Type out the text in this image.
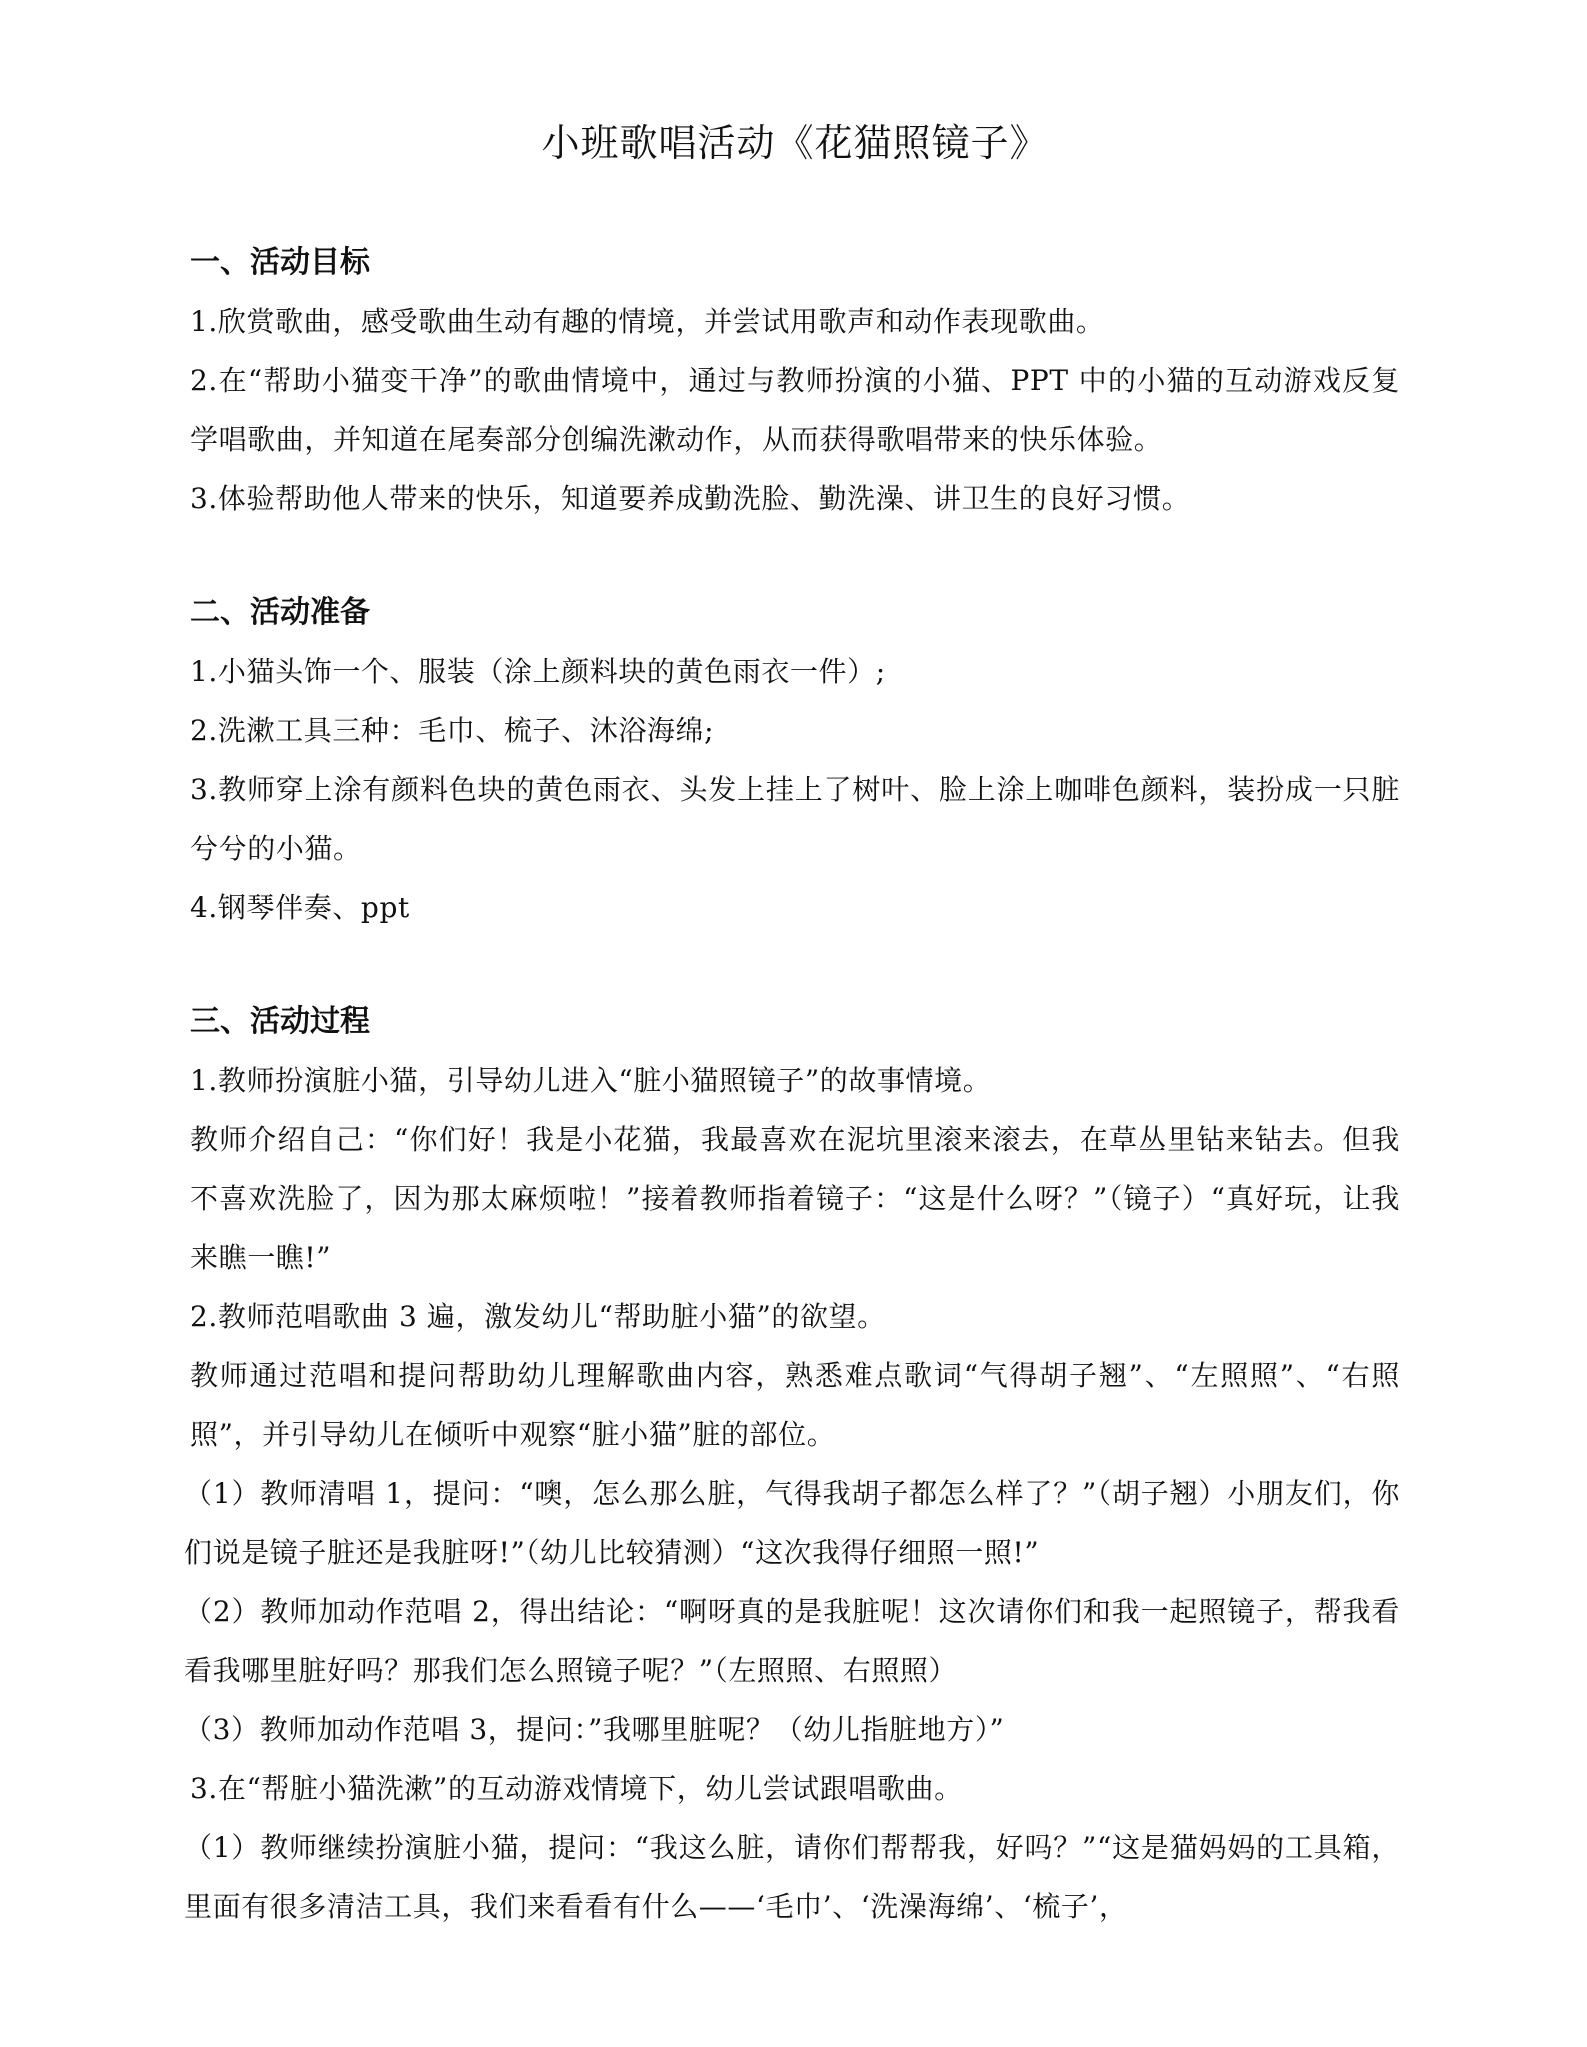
小班歌唱活动《花猫照镜子》
一、活动目标

1.欣赏歌曲，感受歌曲生动有趣的情境，并尝试用歌声和动作表现歌曲。

2.在“帮助小猫变干净”的歌曲情境中，通过与教师扮演的小猫、PPT 中的小猫的互动游戏反复学唱歌曲，并知道在尾奏部分创编洗漱动作，从而获得歌唱带来的快乐体验。

3.体验帮助他人带来的快乐，知道要养成勤洗脸、勤洗澡、讲卫生的良好习惯。

二、活动准备

1.小猫头饰一个、服装（涂上颜料块的黄色雨衣一件）;

2.洗漱工具三种：毛巾、梳子、沐浴海绵;

3.教师穿上涂有颜料色块的黄色雨衣、头发上挂上了树叶、脸上涂上咖啡色颜料，装扮成一只脏兮兮的小猫。

4.钢琴伴奏、ppt

三、活动过程

1.教师扮演脏小猫，引导幼儿进入“脏小猫照镜子”的故事情境。

教师介绍自己：“你们好！我是小花猫，我最喜欢在泥坑里滚来滚去，在草丛里钻来钻去。但我不喜欢洗脸了，因为那太麻烦啦！”接着教师指着镜子：“这是什么呀？”（镜子）“真好玩，让我来瞧一瞧!”

2.教师范唱歌曲 3 遍，激发幼儿“帮助脏小猫”的欲望。

教师通过范唱和提问帮助幼儿理解歌曲内容，熟悉难点歌词“气得胡子翘”、“左照照”、“右照照”，并引导幼儿在倾听中观察“脏小猫”脏的部位。

（1）教师清唱 1，提问：“噢，怎么那么脏，气得我胡子都怎么样了？”（胡子翘）小朋友们，你们说是镜子脏还是我脏呀!”（幼儿比较猜测）“这次我得仔细照一照!”

（2）教师加动作范唱 2，得出结论：“啊呀真的是我脏呢！这次请你们和我一起照镜子，帮我看看我哪里脏好吗？那我们怎么照镜子呢？”（左照照、右照照）

（3）教师加动作范唱 3，提问：”我哪里脏呢？（幼儿指脏地方）”

3.在“帮脏小猫洗漱”的互动游戏情境下，幼儿尝试跟唱歌曲。

（1）教师继续扮演脏小猫，提问：“我这么脏，请你们帮帮我，好吗？”“这是猫妈妈的工具箱，里面有很多清洁工具，我们来看看有什么——‘毛巾’、‘洗澡海绵’、‘梳子’，
